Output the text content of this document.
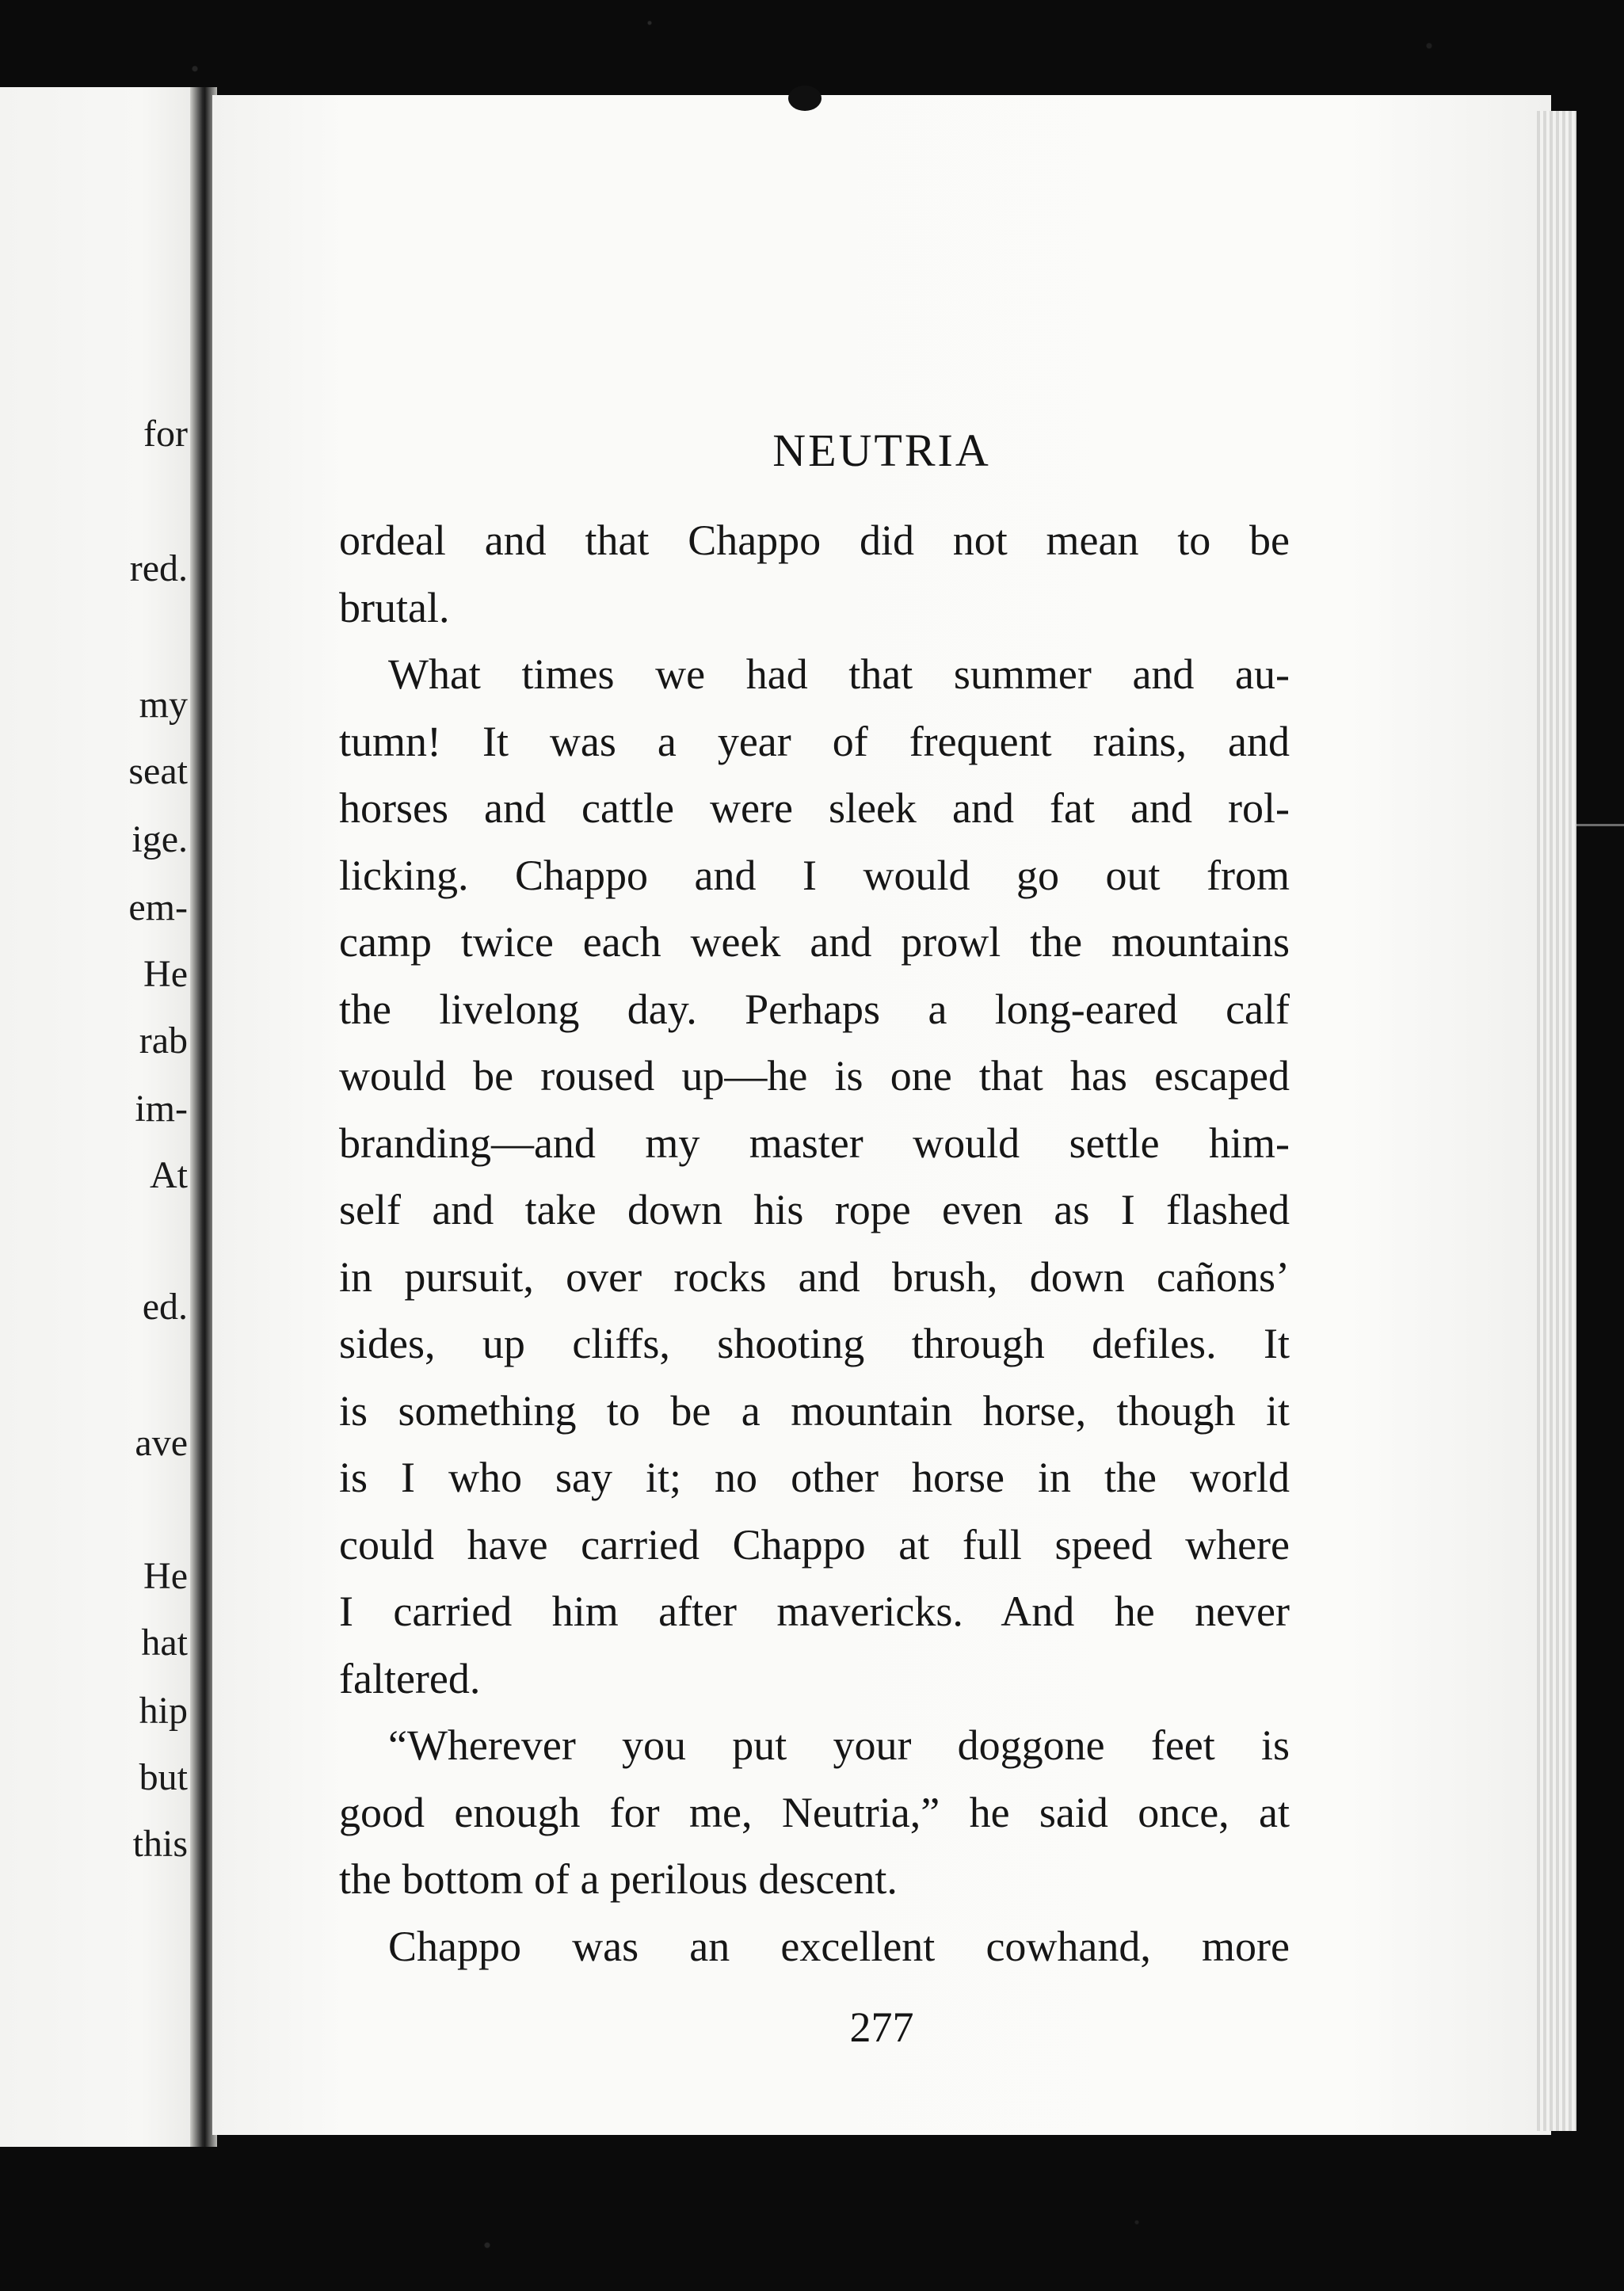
for
red.
my
seat
ige.
em-
He
rab
im-
At
ed.
ave
He
hat
hip
but
this
NEUTRIA
ordeal and that Chappo did not mean to be
brutal.
What times we had that summer and au-
tumn! It was a year of frequent rains, and
horses and cattle were sleek and fat and rol-
licking. Chappo and I would go out from
camp twice each week and prowl the mountains
the livelong day. Perhaps a long-eared calf
would be roused up—he is one that has escaped
branding—and my master would settle him-
self and take down his rope even as I flashed
in pursuit, over rocks and brush, down cañons’
sides, up cliffs, shooting through defiles. It
is something to be a mountain horse, though it
is I who say it; no other horse in the world
could have carried Chappo at full speed where
I carried him after mavericks. And he never
faltered.
“Wherever you put your doggone feet is
good enough for me, Neutria,” he said once, at
the bottom of a perilous descent.
Chappo was an excellent cowhand, more
277
